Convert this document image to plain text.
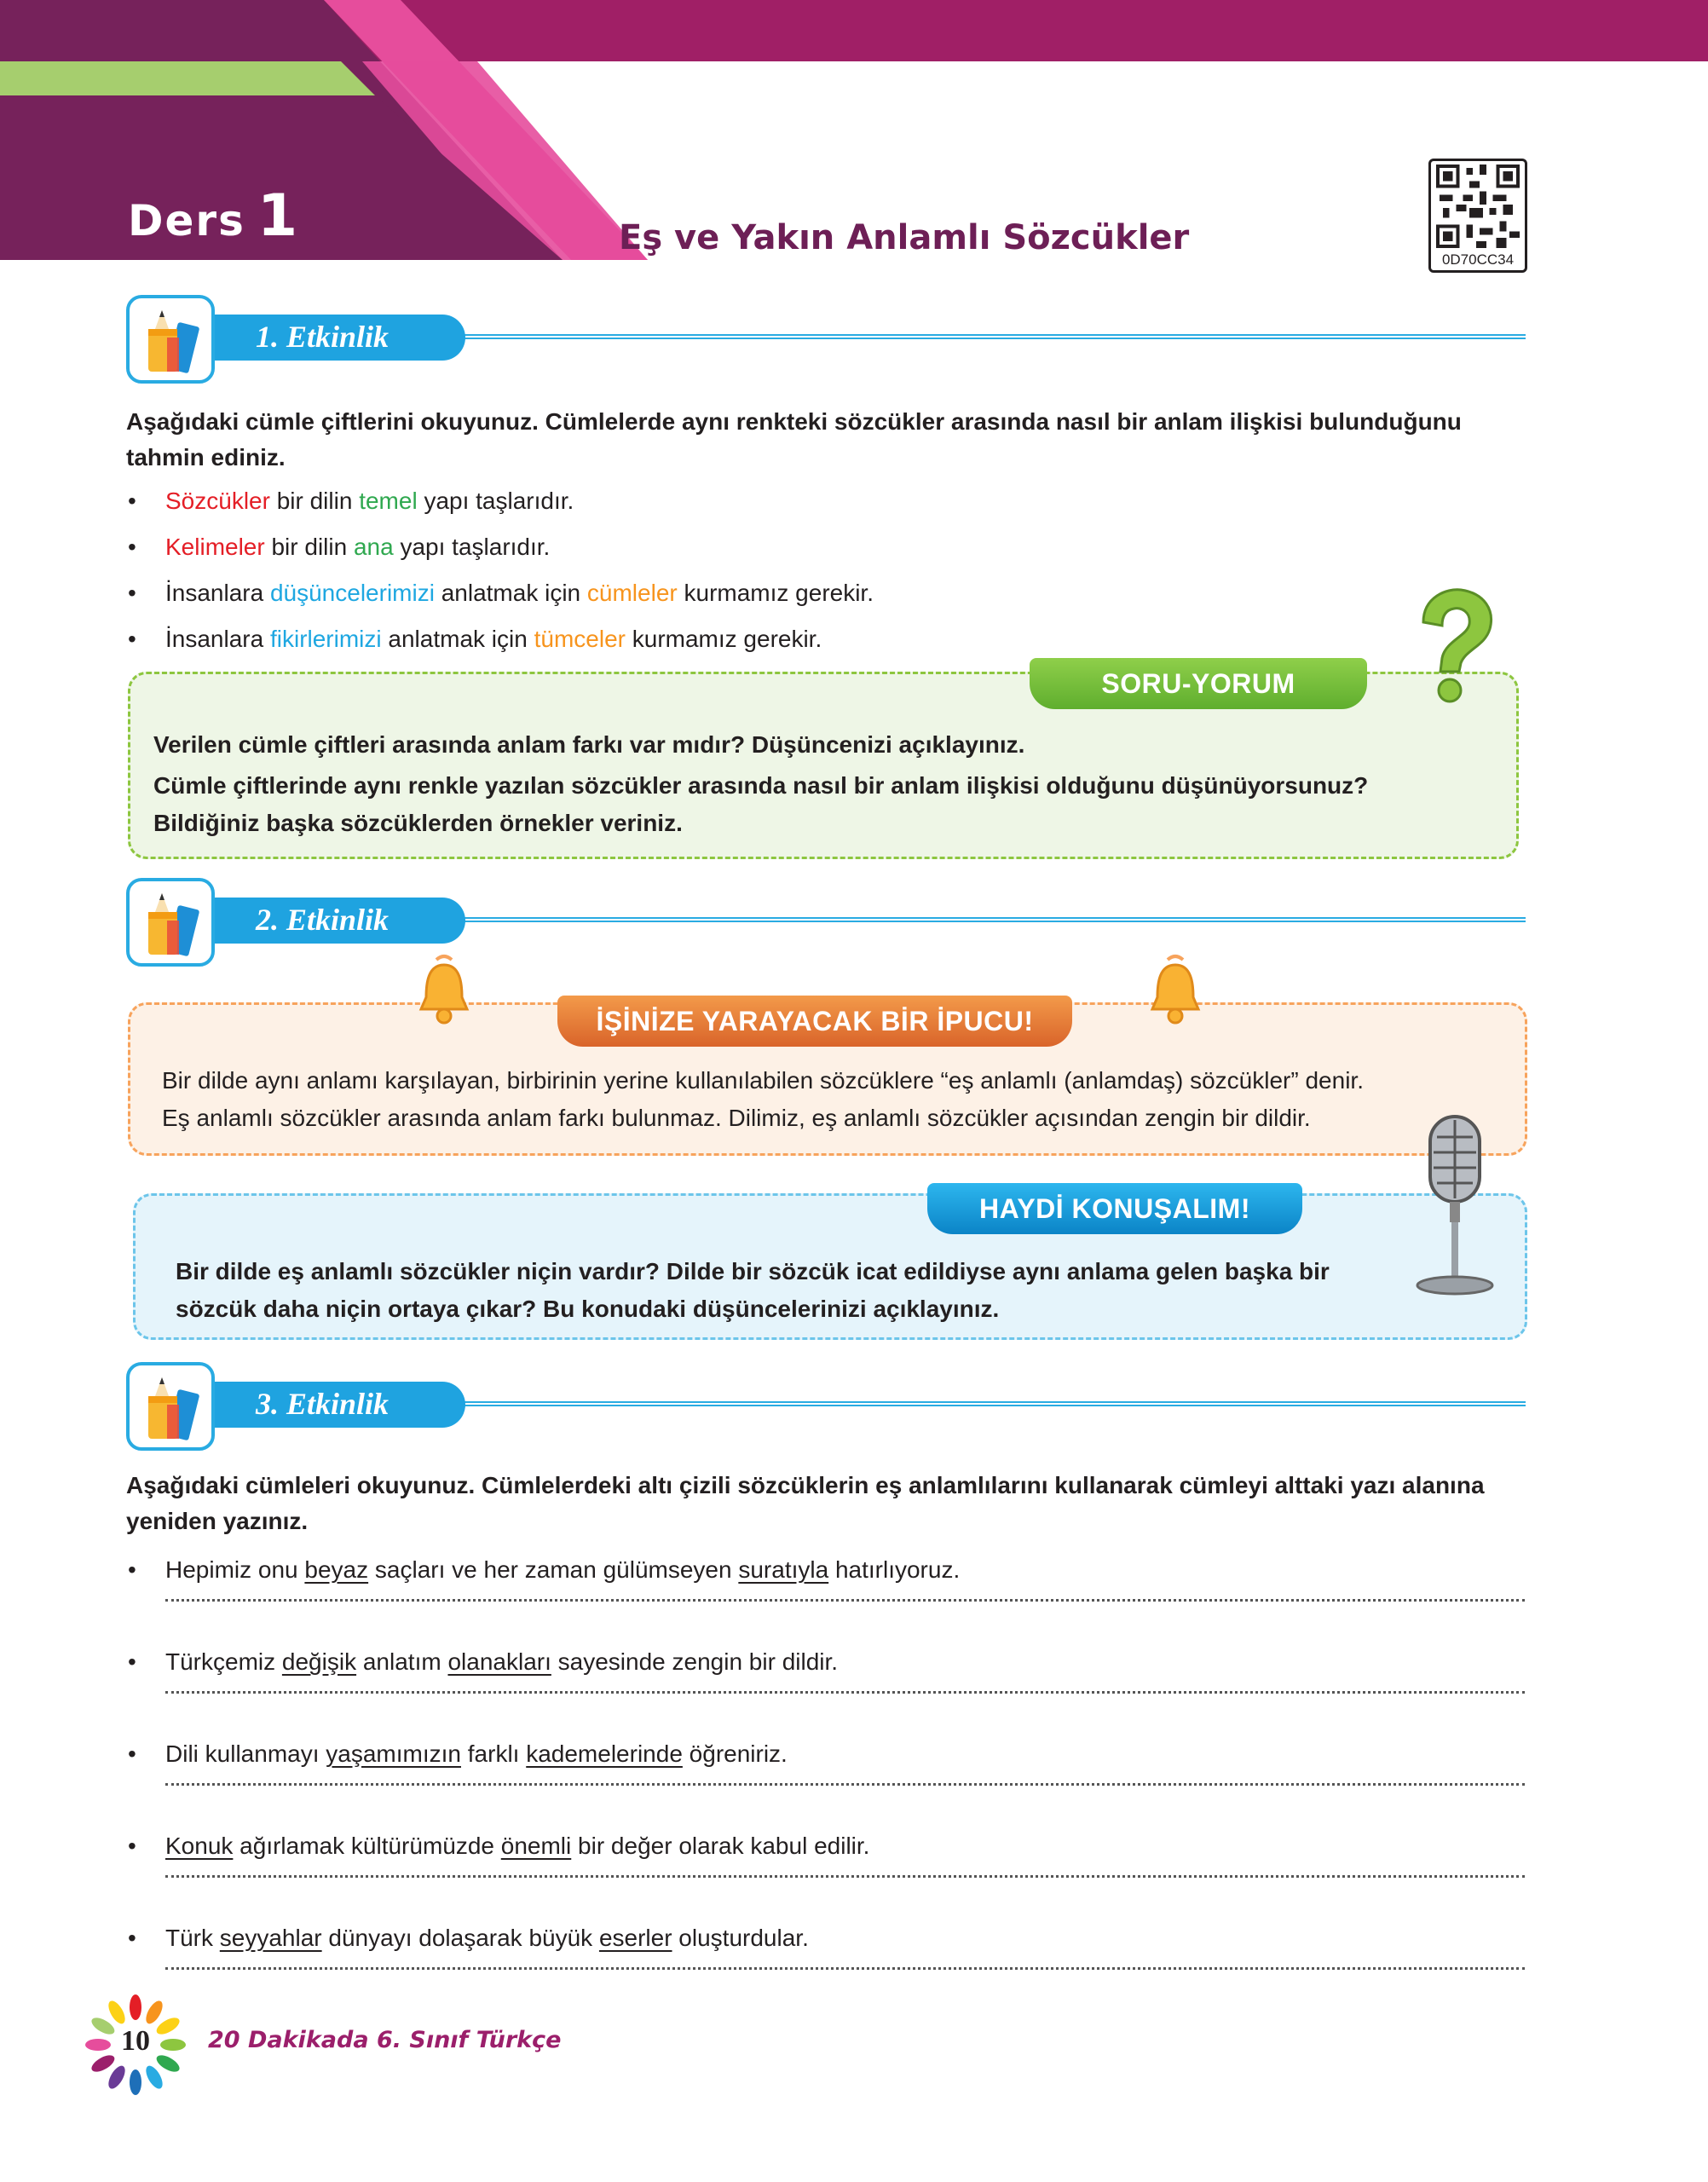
Ders 1	Eş ve Yakın Anlamlı Sözcükler
0D70CC34
1. Etkinlik
Aşağıdaki cümle çiftlerini okuyunuz. Cümlelerde aynı renkteki sözcükler arasında nasıl bir anlam ilişkisi bulunduğunu tahmin ediniz.
• Sözcükler bir dilin temel yapı taşlarıdır.
• Kelimeler bir dilin ana yapı taşlarıdır.
• İnsanlara düşüncelerimizi anlatmak için cümleler kurmamız gerekir.
• İnsanlara fikirlerimizi anlatmak için tümceler kurmamız gerekir.
SORU-YORUM
Verilen cümle çiftleri arasında anlam farkı var mıdır? Düşüncenizi açıklayınız.
Cümle çiftlerinde aynı renkle yazılan sözcükler arasında nasıl bir anlam ilişkisi olduğunu düşünüyorsunuz? Bildiğiniz başka sözcüklerden örnekler veriniz.
2. Etkinlik
İŞİNİZE YARAYACAK BİR İPUCU!
Bir dilde aynı anlamı karşılayan, birbirinin yerine kullanılabilen sözcüklere “eş anlamlı (anlamdaş) sözcükler” denir.
Eş anlamlı sözcükler arasında anlam farkı bulunmaz. Dilimiz, eş anlamlı sözcükler açısından zengin bir dildir.
HAYDİ KONUŞALIM!
Bir dilde eş anlamlı sözcükler niçin vardır? Dilde bir sözcük icat edildiyse aynı anlama gelen başka bir
sözcük daha niçin ortaya çıkar? Bu konudaki düşüncelerinizi açıklayınız.
3. Etkinlik
Aşağıdaki cümleleri okuyunuz. Cümlelerdeki altı çizili sözcüklerin eş anlamlılarını kullanarak cümleyi alttaki yazı alanına yeniden yazınız.
• Hepimiz onu beyaz saçları ve her zaman gülümseyen suratıyla hatırlıyoruz.
• Türkçemiz değişik anlatım olanakları sayesinde zengin bir dildir.
• Dili kullanmayı yaşamımızın farklı kademelerinde öğreniriz.
• Konuk ağırlamak kültürümüzde önemli bir değer olarak kabul edilir.
• Türk seyyahlar dünyayı dolaşarak büyük eserler oluşturdular.
10	20 Dakikada 6. Sınıf Türkçe
